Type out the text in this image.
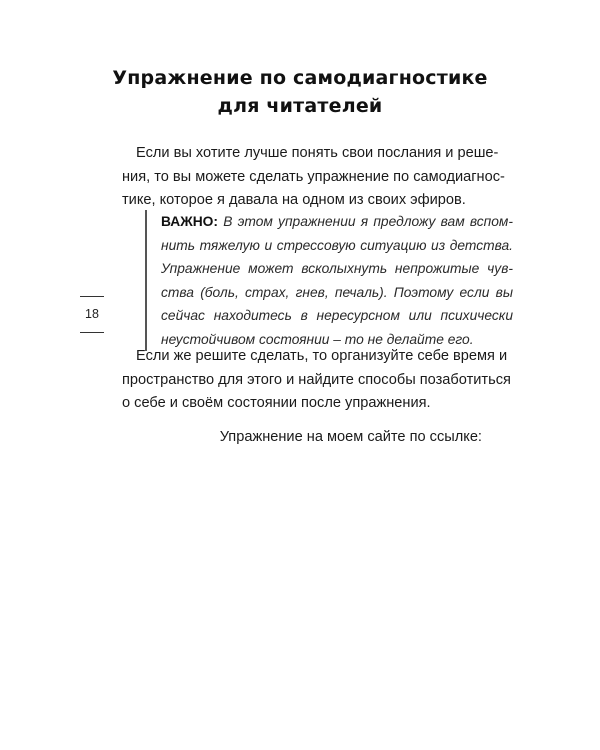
Упражнение по самодиагностике
для читателей

Если вы хотите лучше понять свои послания и реше-
ния, то вы можете сделать упражнение по самодиагнос-
тике, которое я давала на одном из своих эфиров.

ВАЖНО: В этом упражнении я предложу вам вспом-
нить тяжелую и стрессовую ситуацию из детства.
Упражнение может всколыхнуть непрожитые чув-
ства (боль, страх, гнев, печаль). Поэтому если вы
сейчас находитесь в нересурсном или психически
неустойчивом состоянии – то не делайте его.
18

Если же решите сделать, то организуйте себе время и
пространство для этого и найдите способы позаботиться
о себе и своём состоянии после упражнения.

Упражнение на моем сайте по ссылке:
